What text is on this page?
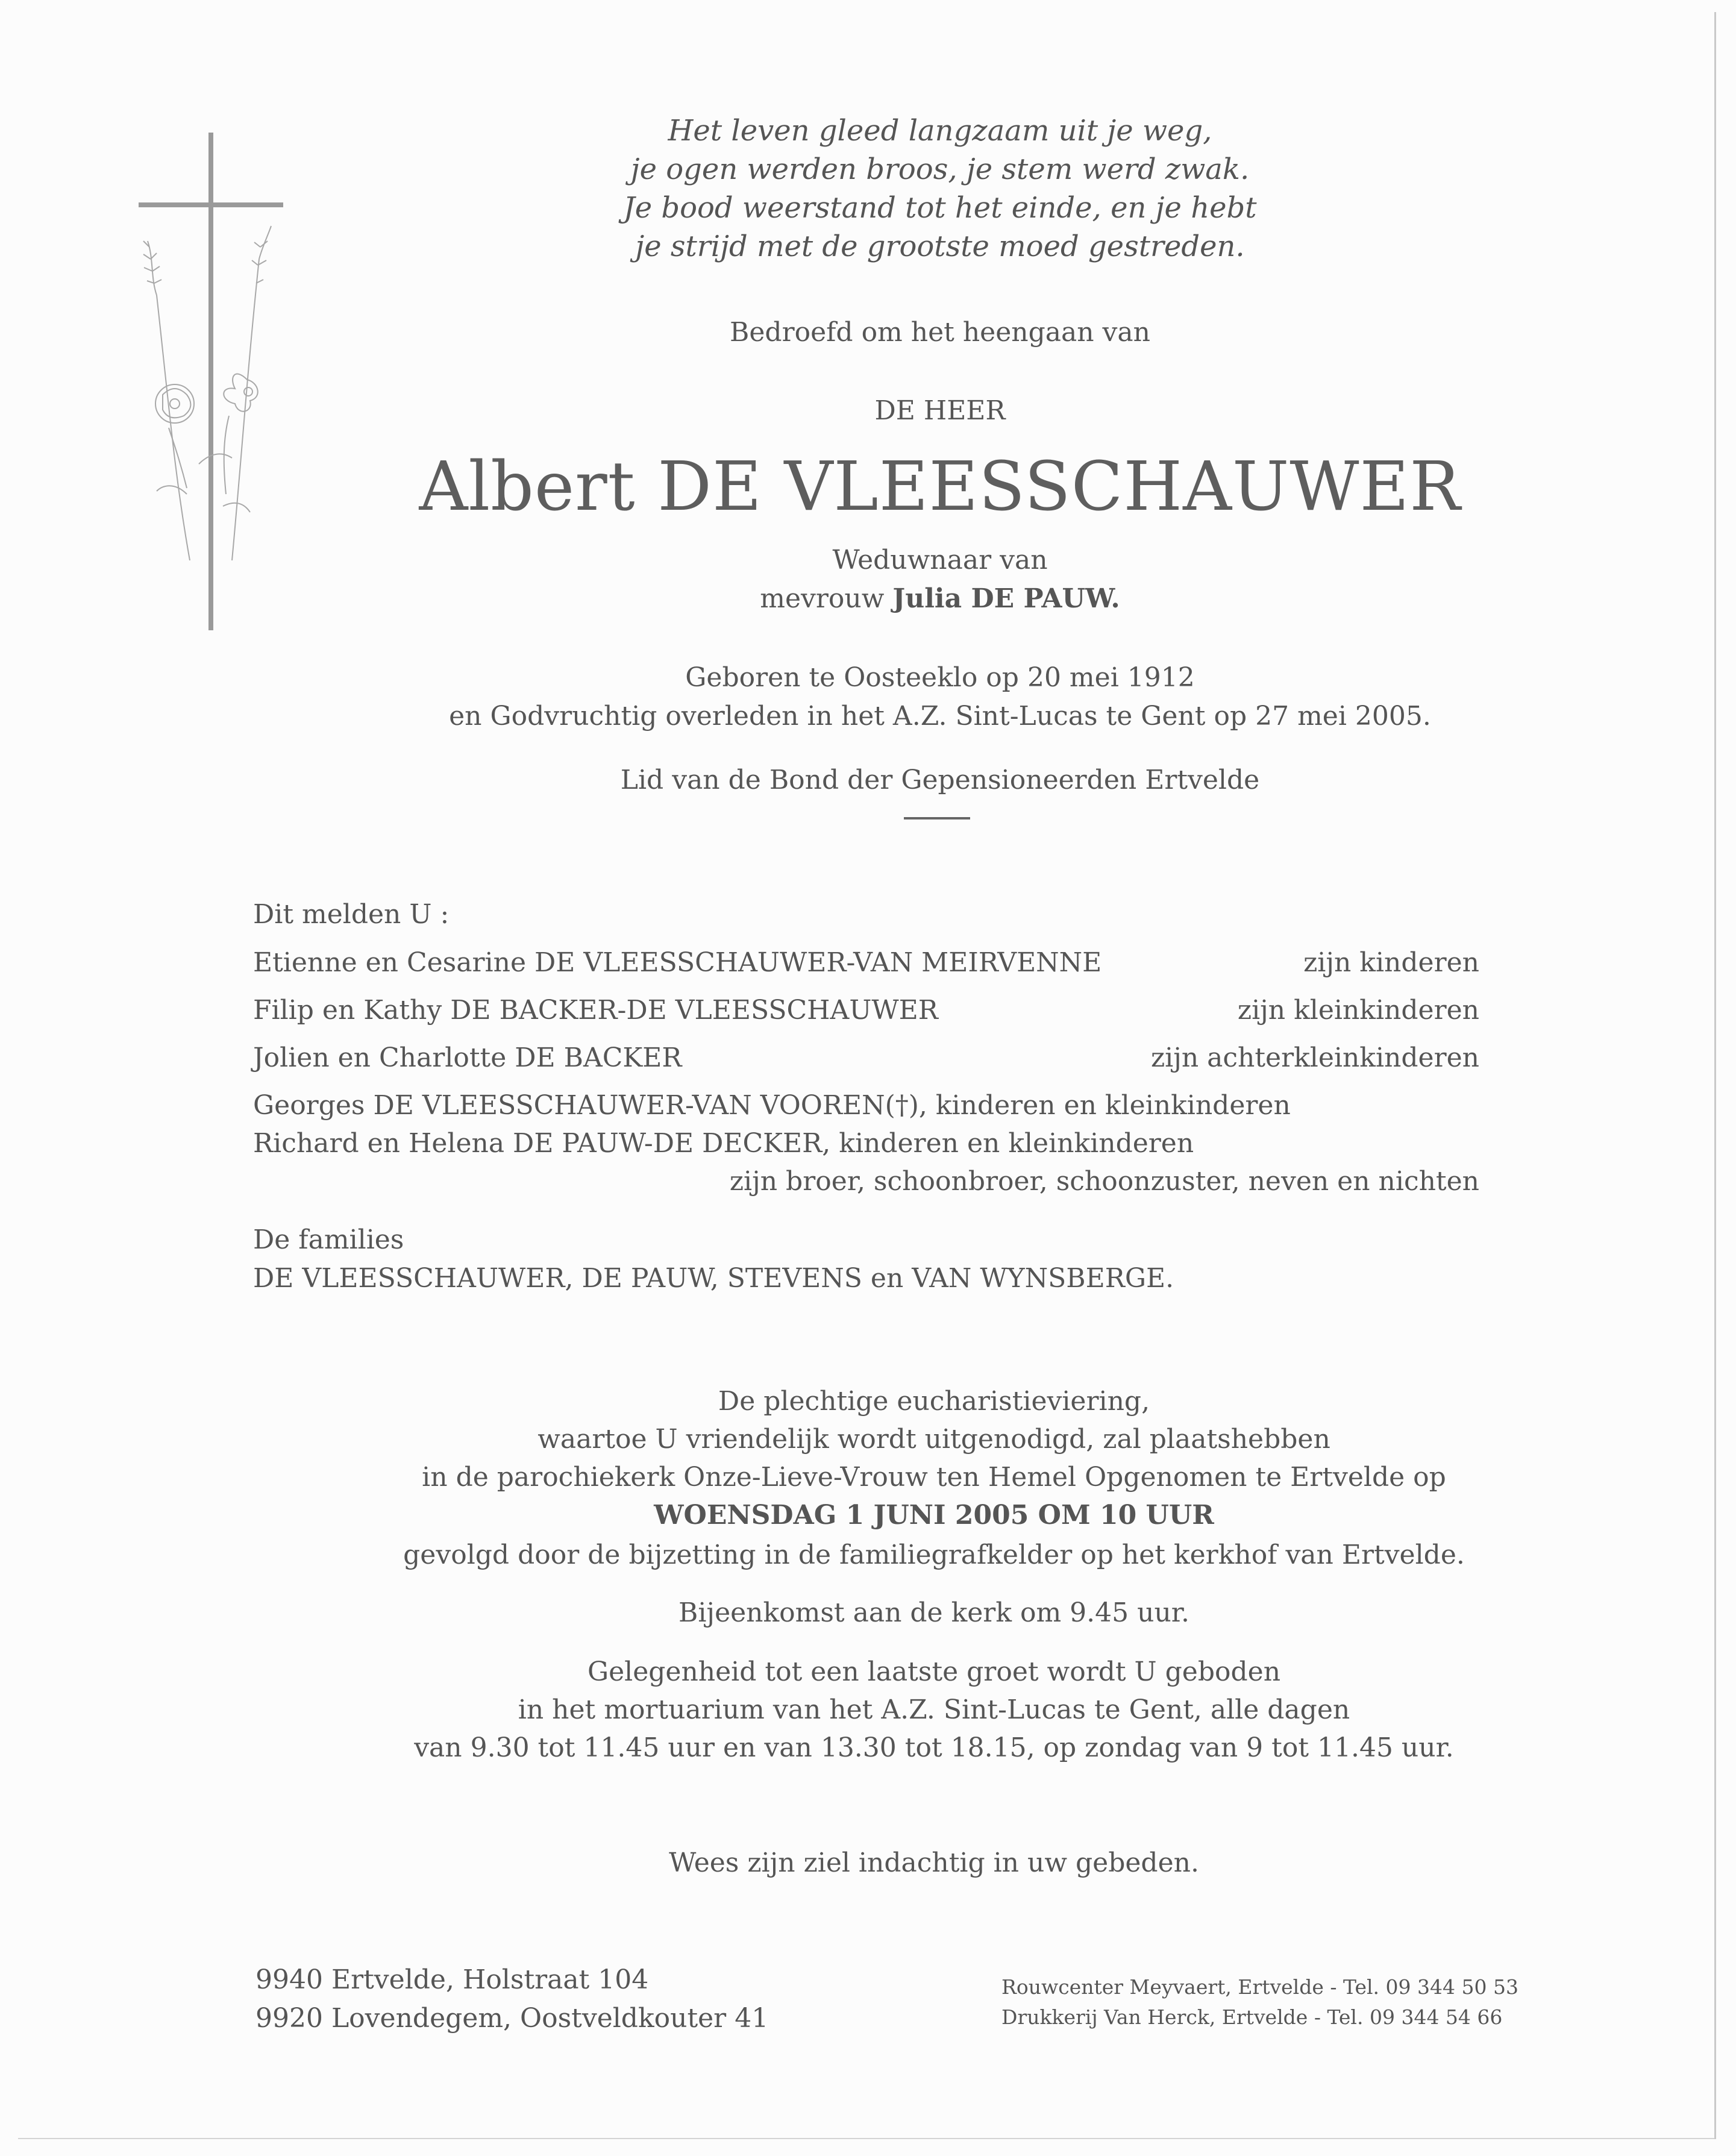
Het leven gleed langzaam uit je weg,
je ogen werden broos, je stem werd zwak.
Je bood weerstand tot het einde, en je hebt
je strijd met de grootste moed gestreden.
Bedroefd om het heengaan van
DE HEER
Albert DE VLEESSCHAUWER
Weduwnaar van
mevrouw Julia DE PAUW.
Geboren te Oosteeklo op 20 mei 1912
en Godvruchtig overleden in het A.Z. Sint-Lucas te Gent op 27 mei 2005.
Lid van de Bond der Gepensioneerden Ertvelde
Dit melden U :
Etienne en Cesarine DE VLEESSCHAUWER-VAN MEIRVENNE	zijn kinderen
Filip en Kathy DE BACKER-DE VLEESSCHAUWER	zijn kleinkinderen
Jolien en Charlotte DE BACKER	zijn achterkleinkinderen
Georges DE VLEESSCHAUWER-VAN VOOREN(†), kinderen en kleinkinderen
Richard en Helena DE PAUW-DE DECKER, kinderen en kleinkinderen
zijn broer, schoonbroer, schoonzuster, neven en nichten
De families
DE VLEESSCHAUWER, DE PAUW, STEVENS en VAN WYNSBERGE.
De plechtige eucharistieviering,
waartoe U vriendelijk wordt uitgenodigd, zal plaatshebben
in de parochiekerk Onze-Lieve-Vrouw ten Hemel Opgenomen te Ertvelde op
WOENSDAG 1 JUNI 2005 OM 10 UUR
gevolgd door de bijzetting in de familiegrafkelder op het kerkhof van Ertvelde.
Bijeenkomst aan de kerk om 9.45 uur.
Gelegenheid tot een laatste groet wordt U geboden
in het mortuarium van het A.Z. Sint-Lucas te Gent, alle dagen
van 9.30 tot 11.45 uur en van 13.30 tot 18.15, op zondag van 9 tot 11.45 uur.
Wees zijn ziel indachtig in uw gebeden.
9940 Ertvelde, Holstraat 104
9920 Lovendegem, Oostveldkouter 41
Rouwcenter Meyvaert, Ertvelde - Tel. 09 344 50 53
Drukkerij Van Herck, Ertvelde - Tel. 09 344 54 66
